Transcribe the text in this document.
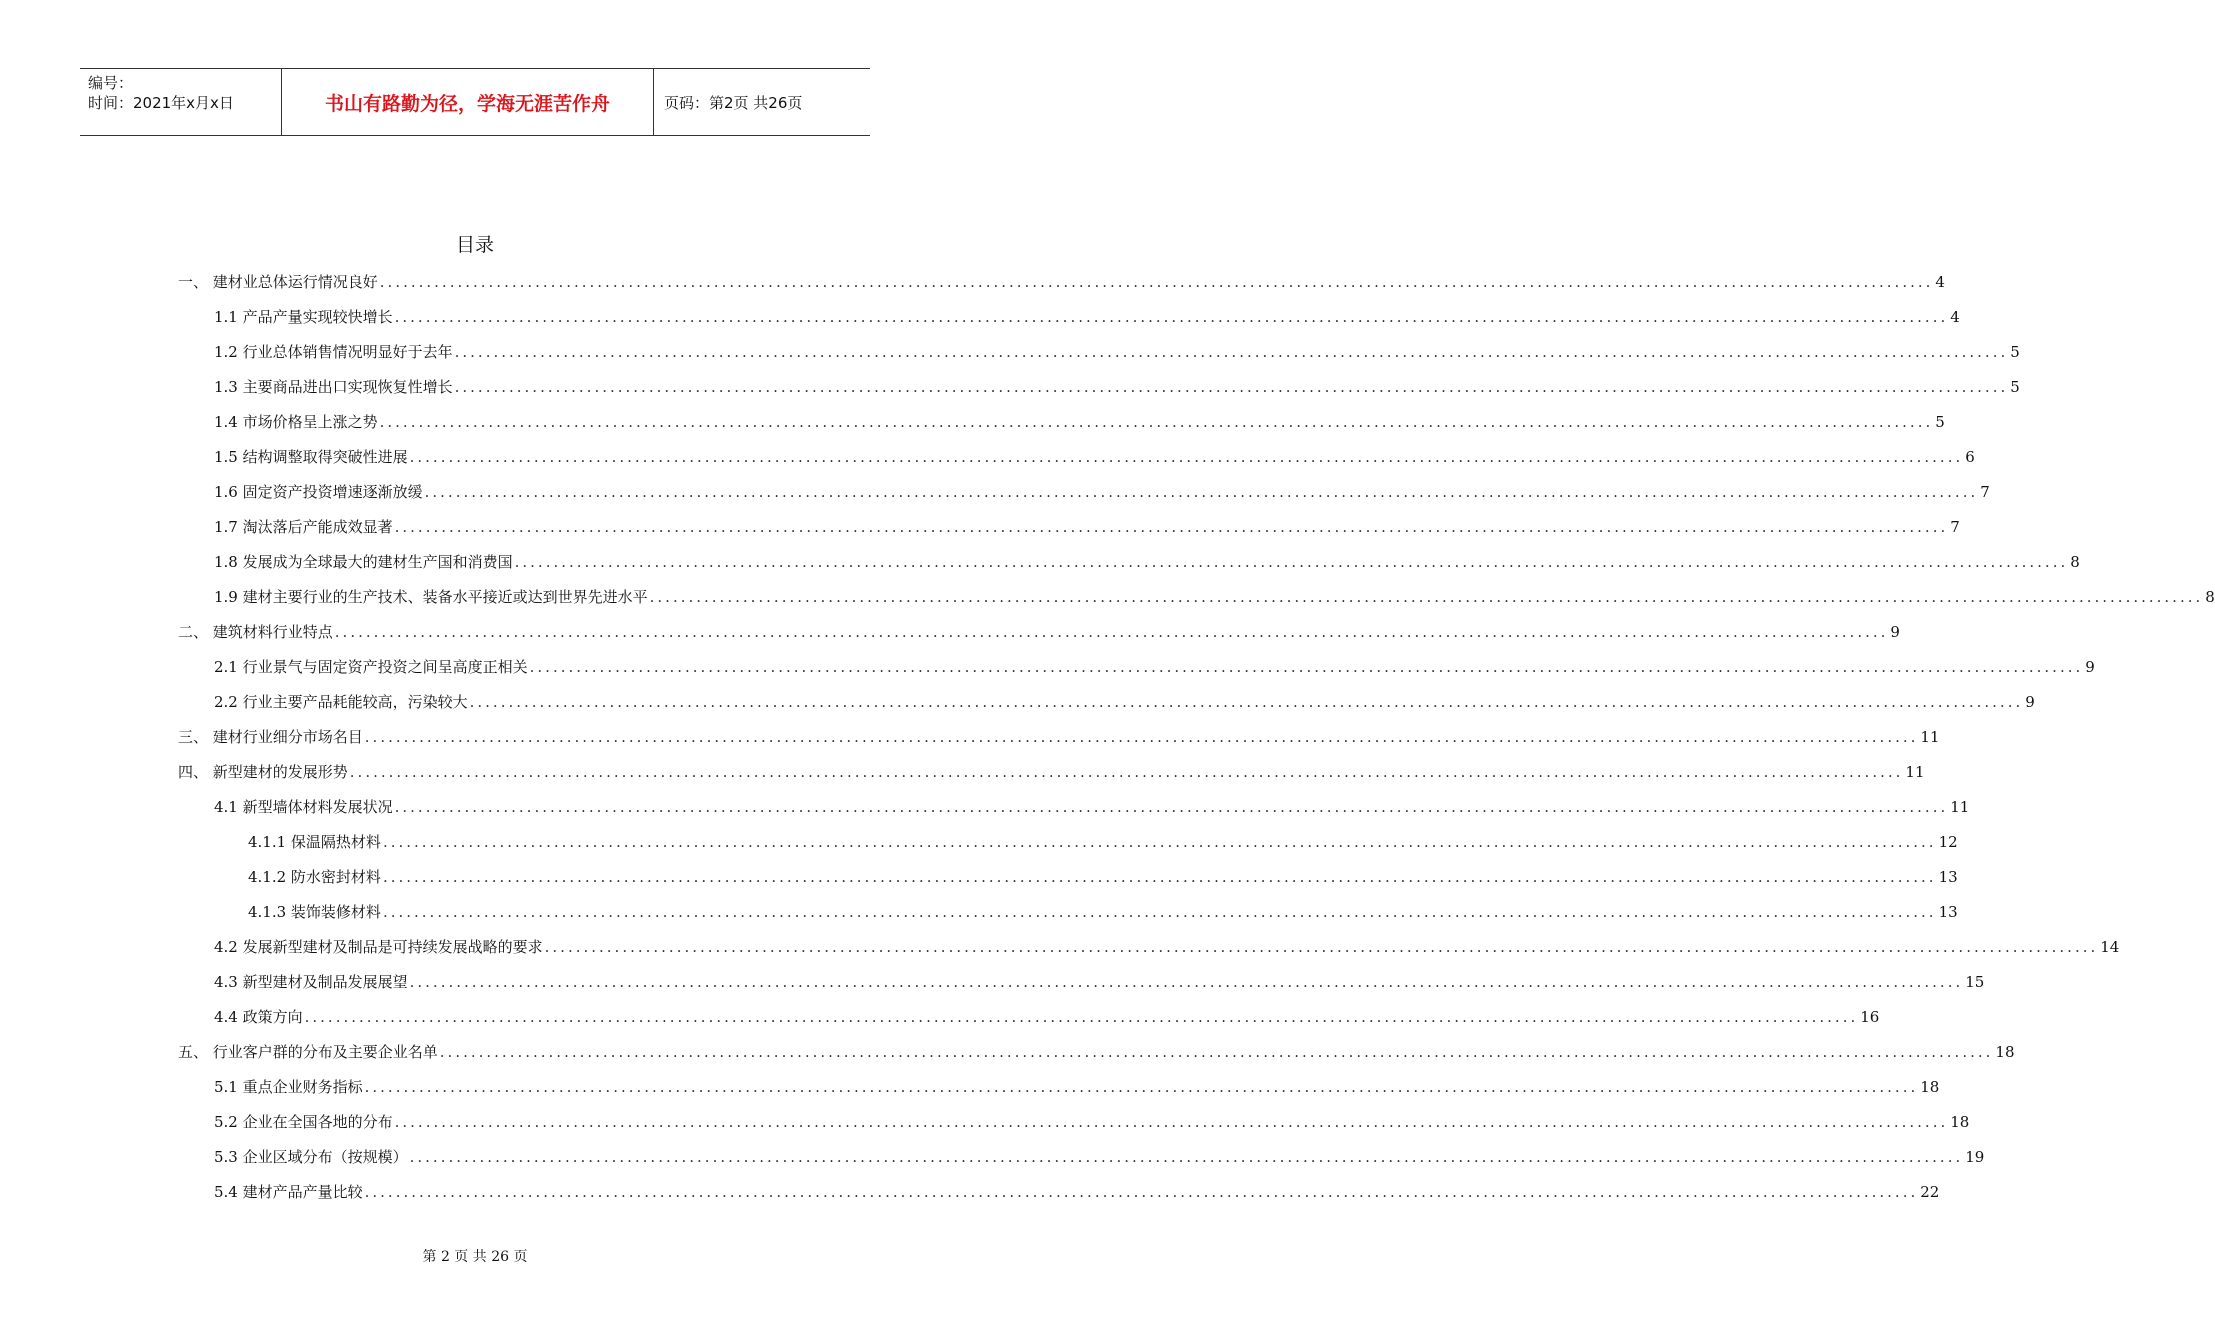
编号：
时间：2021年x月x日	书山有路勤为径，学海无涯苦作舟	页码：第2页 共26页
目录
一、 建材业总体运行情况良好 ........................................................................................................................................................................................................ 4
1.1 产品产量实现较快增长 ........................................................................................................................................................................................................ 4
1.2 行业总体销售情况明显好于去年 ........................................................................................................................................................................................................ 5
1.3 主要商品进出口实现恢复性增长 ........................................................................................................................................................................................................ 5
1.4 市场价格呈上涨之势 ........................................................................................................................................................................................................ 5
1.5 结构调整取得突破性进展 ........................................................................................................................................................................................................ 6
1.6 固定资产投资增速逐渐放缓 ........................................................................................................................................................................................................ 7
1.7 淘汰落后产能成效显著 ........................................................................................................................................................................................................ 7
1.8 发展成为全球最大的建材生产国和消费国 ........................................................................................................................................................................................................ 8
1.9 建材主要行业的生产技术、装备水平接近或达到世界先进水平 ........................................................................................................................................................................................................ 8
二、 建筑材料行业特点 ........................................................................................................................................................................................................ 9
2.1 行业景气与固定资产投资之间呈高度正相关 ........................................................................................................................................................................................................ 9
2.2 行业主要产品耗能较高，污染较大 ........................................................................................................................................................................................................ 9
三、 建材行业细分市场名目 ........................................................................................................................................................................................................ 11
四、 新型建材的发展形势 ........................................................................................................................................................................................................ 11
4.1 新型墙体材料发展状况 ........................................................................................................................................................................................................ 11
4.1.1 保温隔热材料 ........................................................................................................................................................................................................ 12
4.1.2 防水密封材料 ........................................................................................................................................................................................................ 13
4.1.3 装饰装修材料 ........................................................................................................................................................................................................ 13
4.2 发展新型建材及制品是可持续发展战略的要求 ........................................................................................................................................................................................................ 14
4.3 新型建材及制品发展展望 ........................................................................................................................................................................................................ 15
4.4 政策方向 ........................................................................................................................................................................................................ 16
五、 行业客户群的分布及主要企业名单 ........................................................................................................................................................................................................ 18
5.1 重点企业财务指标 ........................................................................................................................................................................................................ 18
5.2 企业在全国各地的分布 ........................................................................................................................................................................................................ 18
5.3 企业区域分布（按规模） ........................................................................................................................................................................................................ 19
5.4 建材产品产量比较 ........................................................................................................................................................................................................ 22
第 2 页 共 26 页
